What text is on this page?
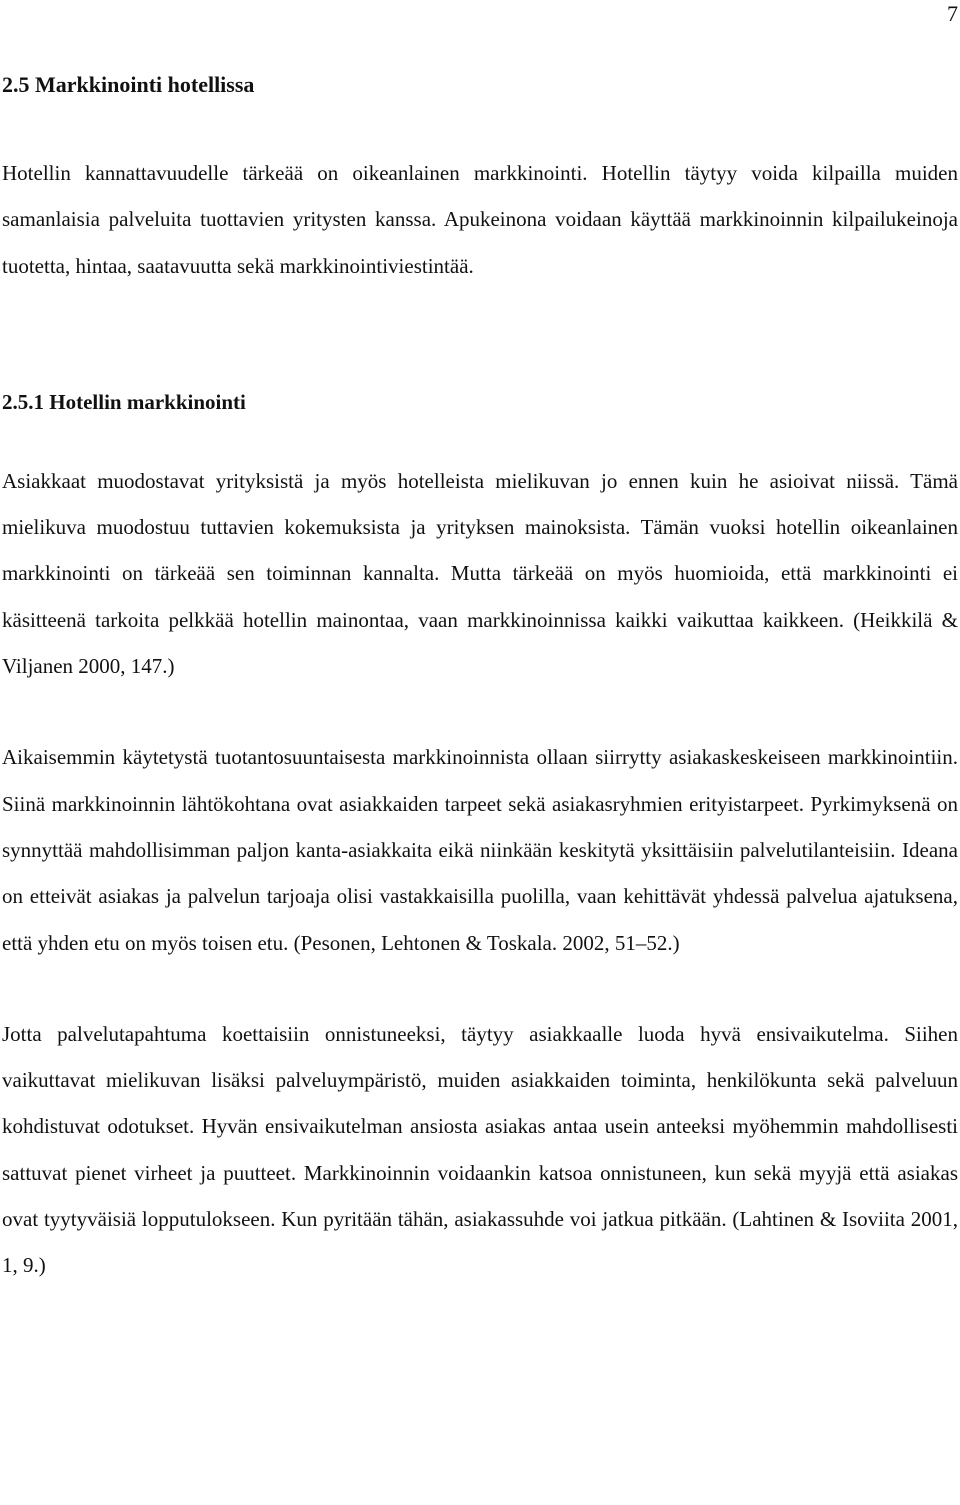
7
2.5 Markkinointi hotellissa

Hotellin kannattavuudelle tärkeää on oikeanlainen markkinointi. Hotellin täytyy voida kilpailla muiden samanlaisia palveluita tuottavien yritysten kanssa. Apukeinona voidaan käyttää markkinoinnin kilpailukeinoja tuotetta, hintaa, saatavuutta sekä markkinointiviestintää.

2.5.1 Hotellin markkinointi

Asiakkaat muodostavat yrityksistä ja myös hotelleista mielikuvan jo ennen kuin he asioivat niissä. Tämä mielikuva muodostuu tuttavien kokemuksista ja yrityksen mainoksista. Tämän vuoksi hotellin oikeanlainen markkinointi on tärkeää sen toiminnan kannalta. Mutta tärkeää on myös huomioida, että markkinointi ei käsitteenä tarkoita pelkkää hotellin mainontaa, vaan markkinoinnissa kaikki vaikuttaa kaikkeen. (Heikkilä & Viljanen 2000, 147.)

Aikaisemmin käytetystä tuotantosuuntaisesta markkinoinnista ollaan siirrytty asiakaskeskeiseen markkinointiin. Siinä markkinoinnin lähtökohtana ovat asiakkaiden tarpeet sekä asiakasryhmien erityistarpeet. Pyrkimyksenä on synnyttää mahdollisimman paljon kanta-asiakkaita eikä niinkään keskitytä yksittäisiin palvelutilanteisiin. Ideana on etteivät asiakas ja palvelun tarjoaja olisi vastakkaisilla puolilla, vaan kehittävät yhdessä palvelua ajatuksena, että yhden etu on myös toisen etu. (Pesonen, Lehtonen & Toskala. 2002, 51–52.)

Jotta palvelutapahtuma koettaisiin onnistuneeksi, täytyy asiakkaalle luoda hyvä ensivaikutelma. Siihen vaikuttavat mielikuvan lisäksi palveluympäristö, muiden asiakkaiden toiminta, henkilökunta sekä palveluun kohdistuvat odotukset. Hyvän ensivaikutelman ansiosta asiakas antaa usein anteeksi myöhemmin mahdollisesti sattuvat pienet virheet ja puutteet. Markkinoinnin voidaankin katsoa onnistuneen, kun sekä myyjä että asiakas ovat tyytyväisiä lopputulokseen. Kun pyritään tähän, asiakassuhde voi jatkua pitkään. (Lahtinen & Isoviita 2001, 1, 9.)
